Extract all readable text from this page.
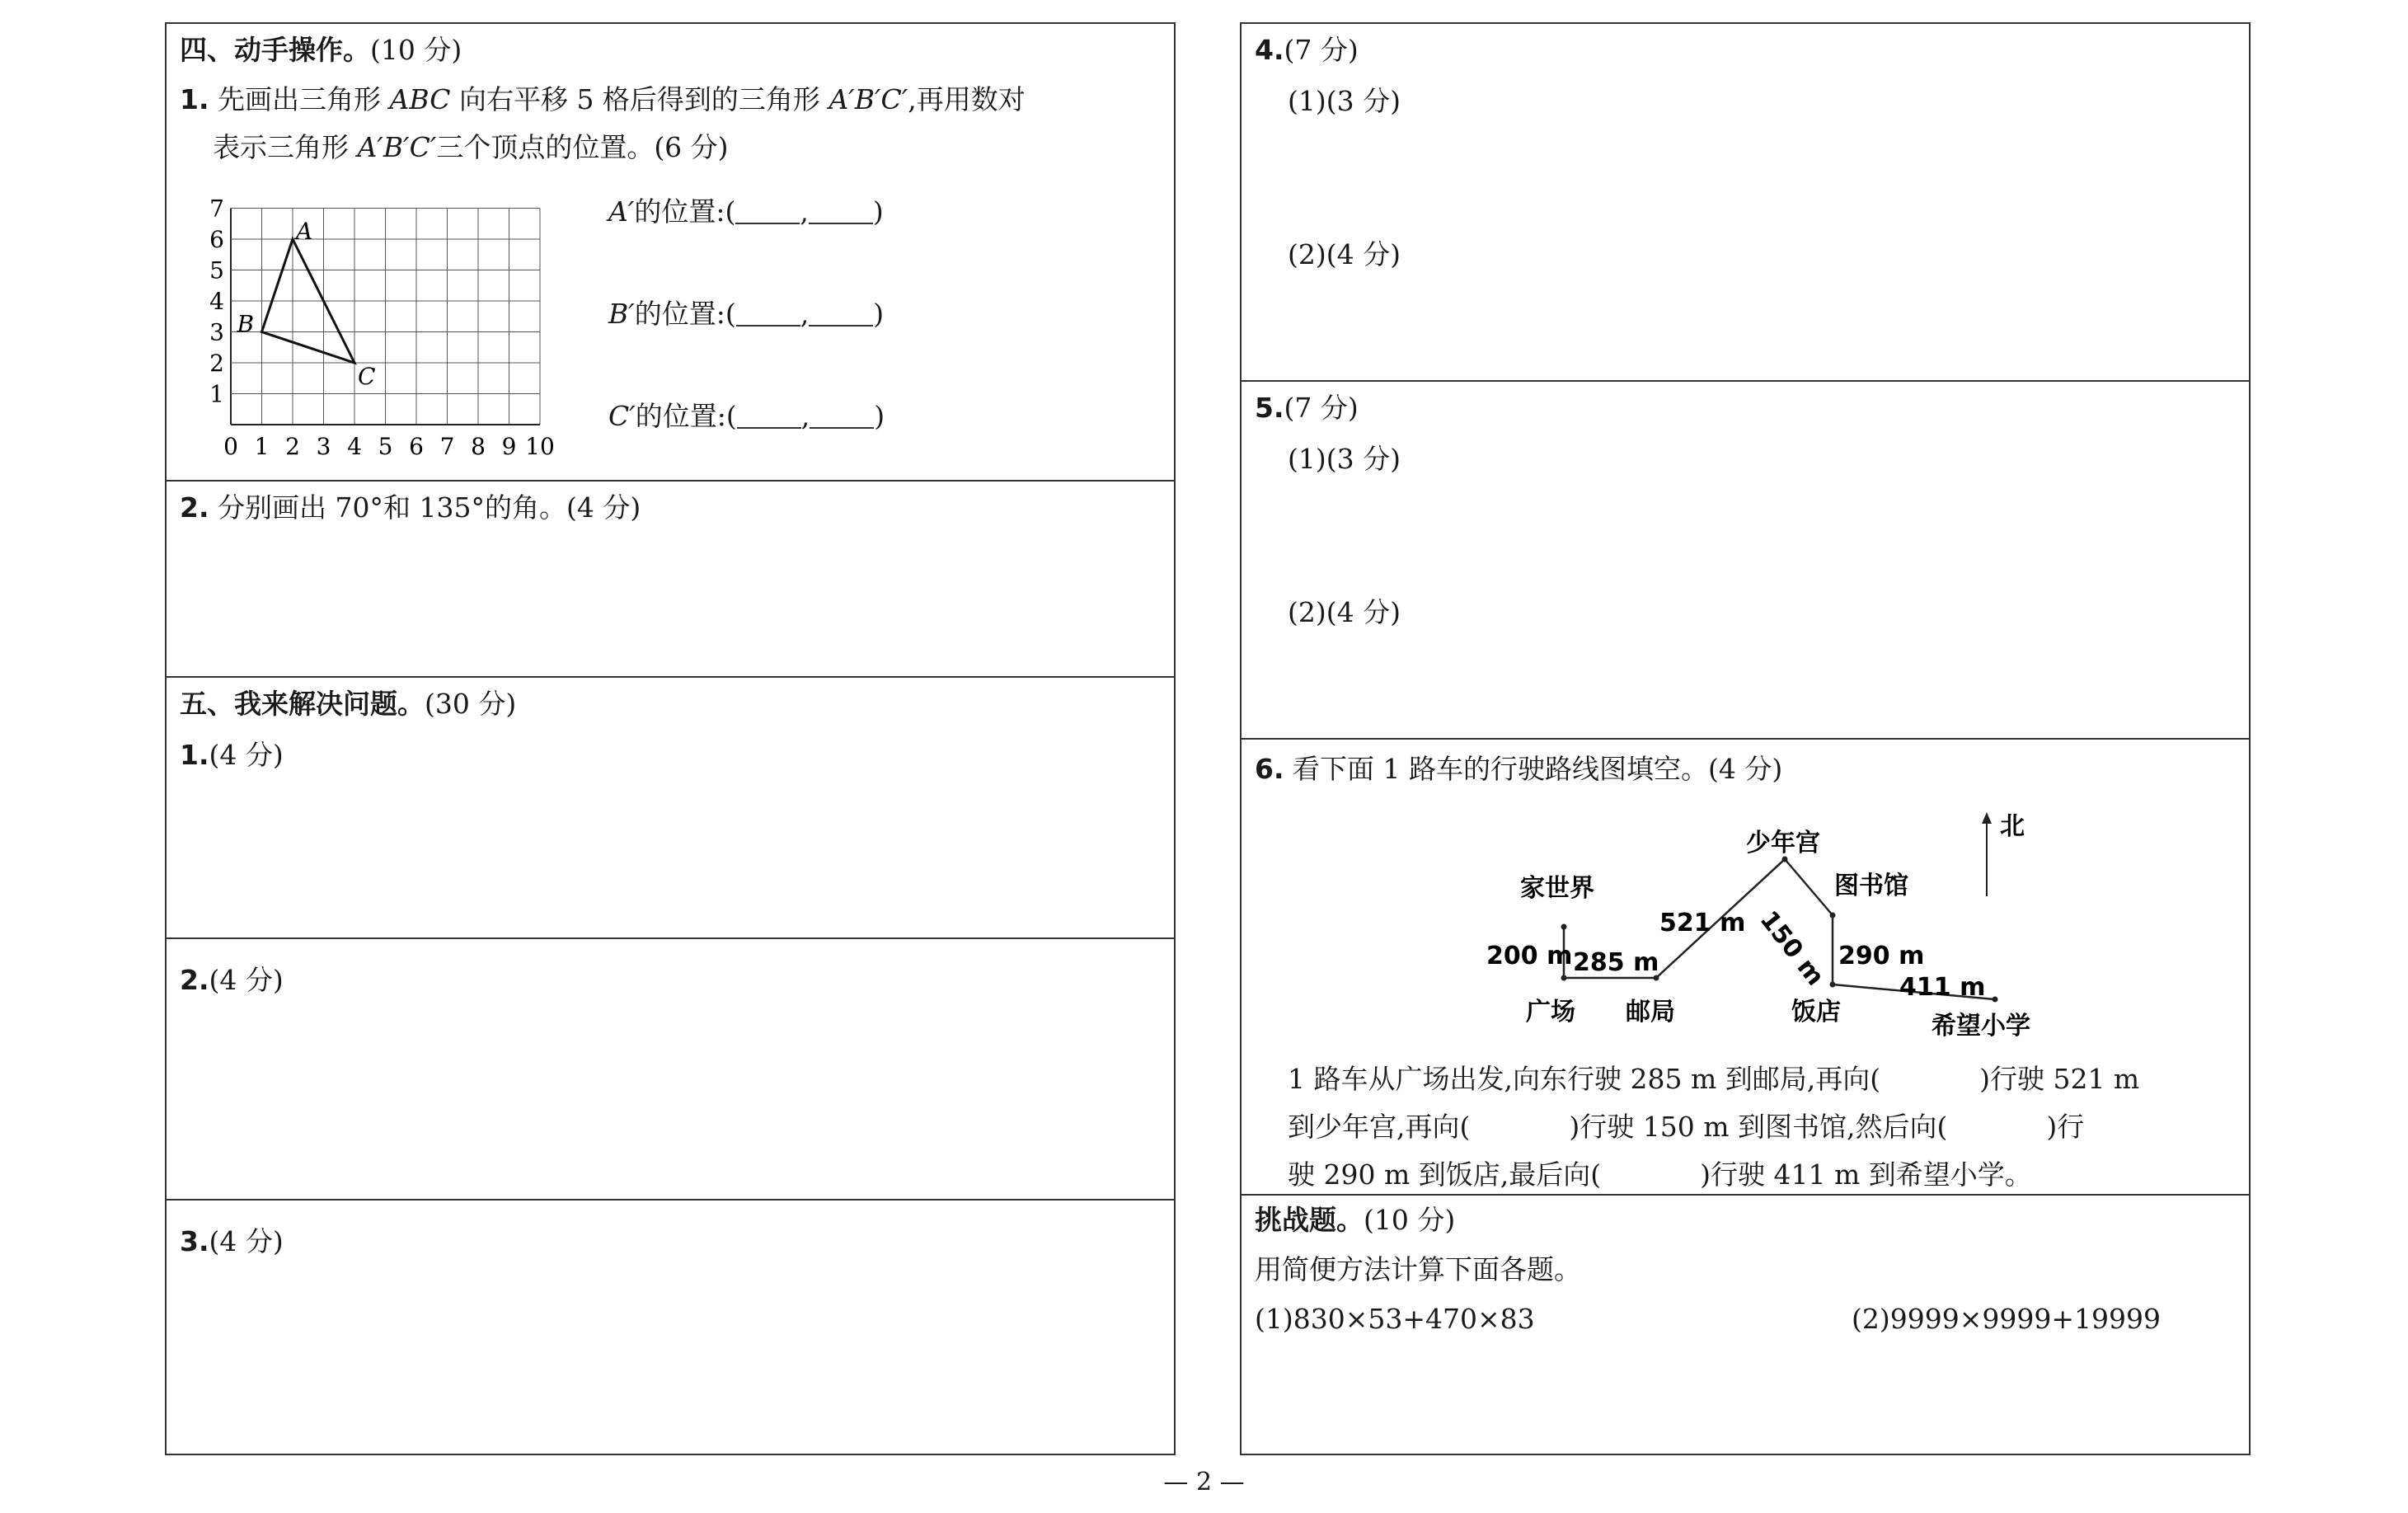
四、动手操作。(10 分)
1. 先画出三角形 ABC 向右平移 5 格后得到的三角形 A′B′C′,再用数对
表示三角形 A′B′C′三个顶点的位置。(6 分)
0 1 2 3 4 5 6 7 8 9 10
1
2
3
4
5
6
7
A
B
C
A′的位置:( , )
B′的位置:( , )
C′的位置:( , )
2. 分别画出 70°和 135°的角。(4 分)
五、我来解决问题。(30 分)
1.(4 分)
2.(4 分)
3.(4 分)
4.(7 分)
(1)(3 分)
(2)(4 分)
5.(7 分)
(1)(3 分)
(2)(4 分)
6. 看下面 1 路车的行驶路线图填空。(4 分)
北
少年宫
图书馆
家世界
广场 邮局	饭店	希望小学
521 m 150 m
200 m 285 m	290 m
411 m
1 路车从广场出发,向东行驶 285 m 到邮局,再向(	)行驶 521 m
到少年宫,再向(	)行驶 150 m 到图书馆,然后向(	)行
驶 290 m 到饭店,最后向(	)行驶 411 m 到希望小学。
挑战题。(10 分)
用简便方法计算下面各题。
(1)830×53+470×83	(2)9999×9999+19999
— 2 —
